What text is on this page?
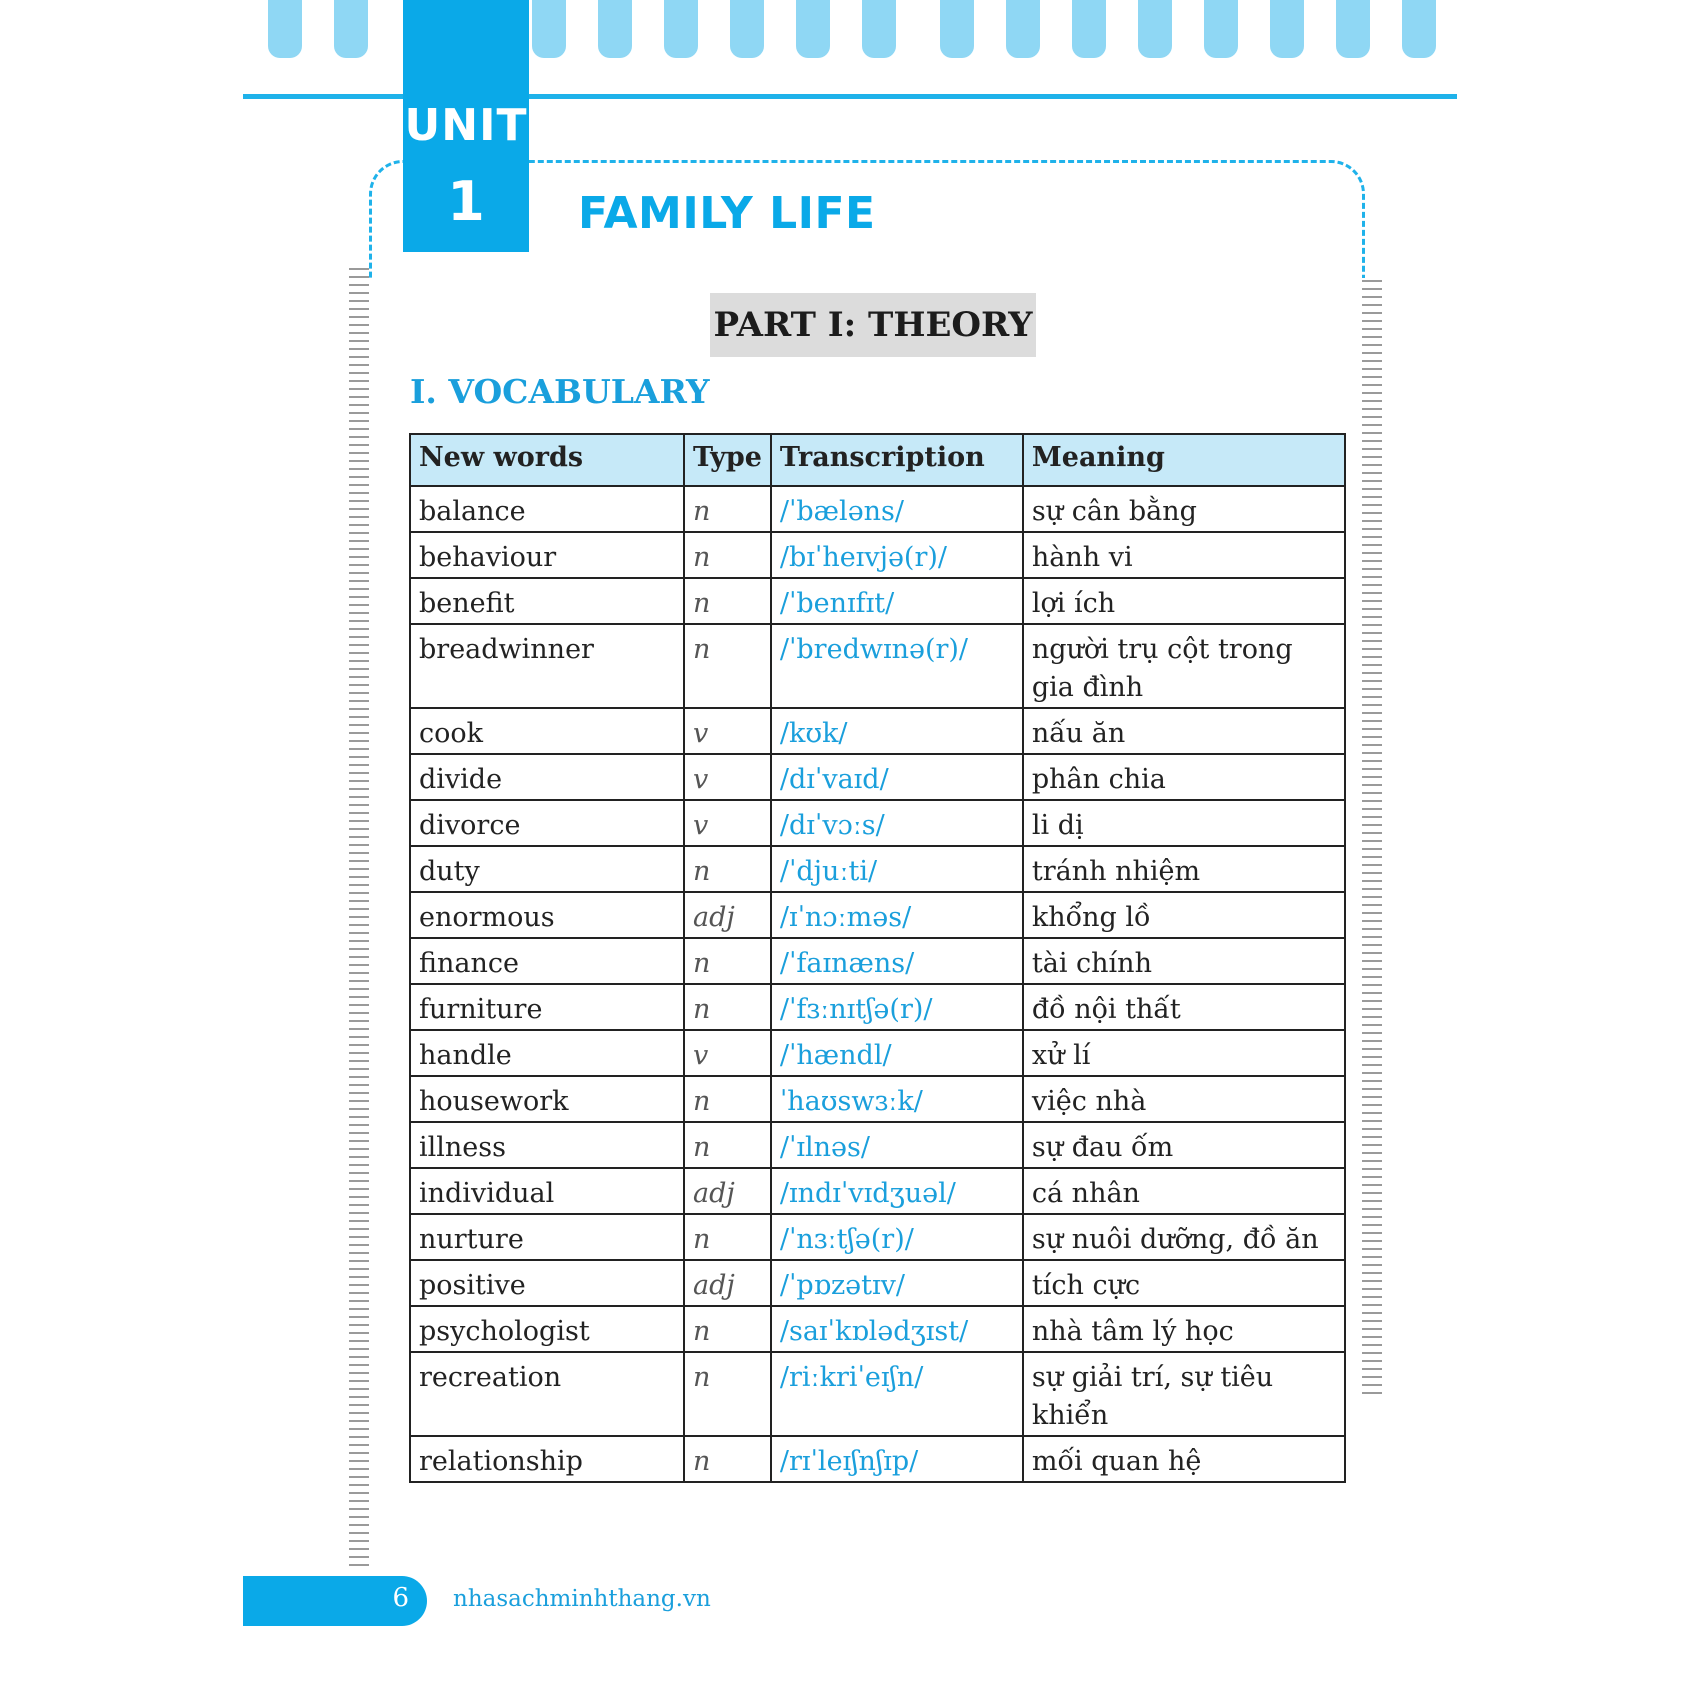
UNIT
1	FAMILY LIFE
PART I: THEORY
I. VOCABULARY
New words	Type	Transcription	Meaning
balance	n	/ˈbæləns/	sự cân bằng
behaviour	n	/bɪˈheɪvjə(r)/	hành vi
benefit	n	/ˈbenɪfɪt/	lợi ích
breadwinner	n	/ˈbredwɪnə(r)/	người trụ cột trong gia đình
cook	v	/kʊk/	nấu ăn
divide	v	/dɪˈvaɪd/	phân chia
divorce	v	/dɪˈvɔːs/	li dị
duty	n	/ˈdjuːti/	tránh nhiệm
enormous	adj	/ɪˈnɔːməs/	khổng lồ
finance	n	/ˈfaɪnæns/	tài chính
furniture	n	/ˈfɜːnɪtʃə(r)/	đồ nội thất
handle	v	/ˈhændl/	xử lí
housework	n	ˈhaʊswɜːk/	việc nhà
illness	n	/ˈɪlnəs/	sự đau ốm
individual	adj	/ɪndɪˈvɪdʒuəl/	cá nhân
nurture	n	/ˈnɜːtʃə(r)/	sự nuôi dưỡng, đồ ăn
positive	adj	/ˈpɒzətɪv/	tích cực
psychologist	n	/saɪˈkɒlədʒɪst/	nhà tâm lý học
recreation	n	/riːkriˈeɪʃn/	sự giải trí, sự tiêu khiển
relationship	n	/rɪˈleɪʃnʃɪp/	mối quan hệ
6 nhasachminhthang.vn
